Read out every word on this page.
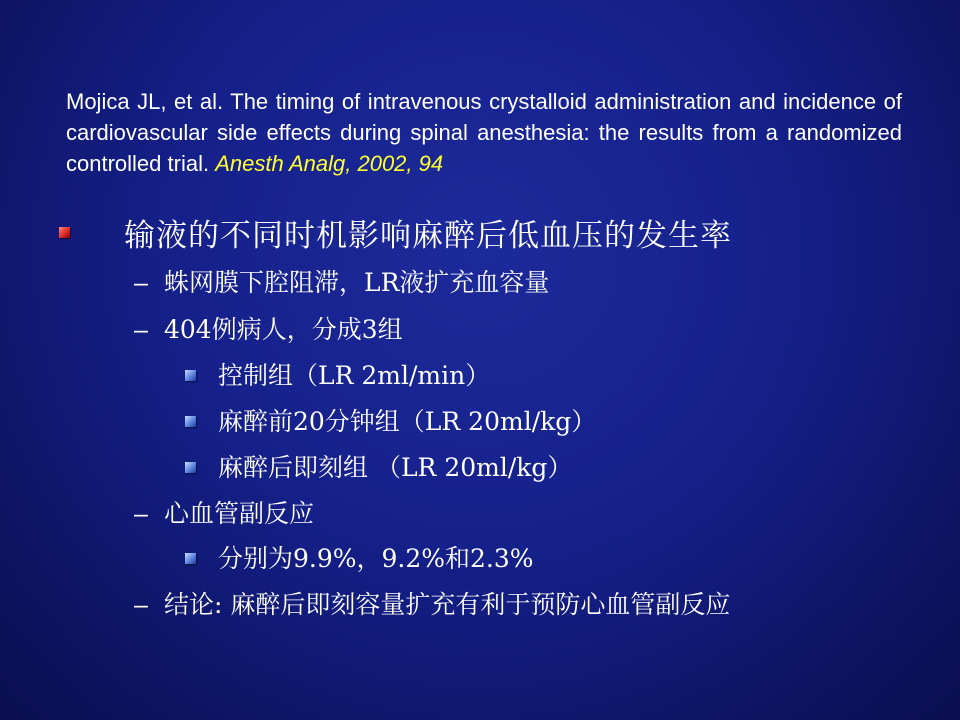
Mojica JL, et al. The timing of intravenous crystalloid administration and incidence of cardiovascular side effects during spinal anesthesia: the results from a randomized controlled trial. Anesth Analg, 2002, 94
输液的不同时机影响麻醉后低血压的发生率
– 蛛网膜下腔阻滞，LR液扩充血容量
– 404例病人，分成3组
控制组（LR 2ml/min）
麻醉前20分钟组（LR 20ml/kg）
麻醉后即刻组 （LR 20ml/kg）
– 心血管副反应
分别为9.9%，9.2%和2.3%
– 结论: 麻醉后即刻容量扩充有利于预防心血管副反应
